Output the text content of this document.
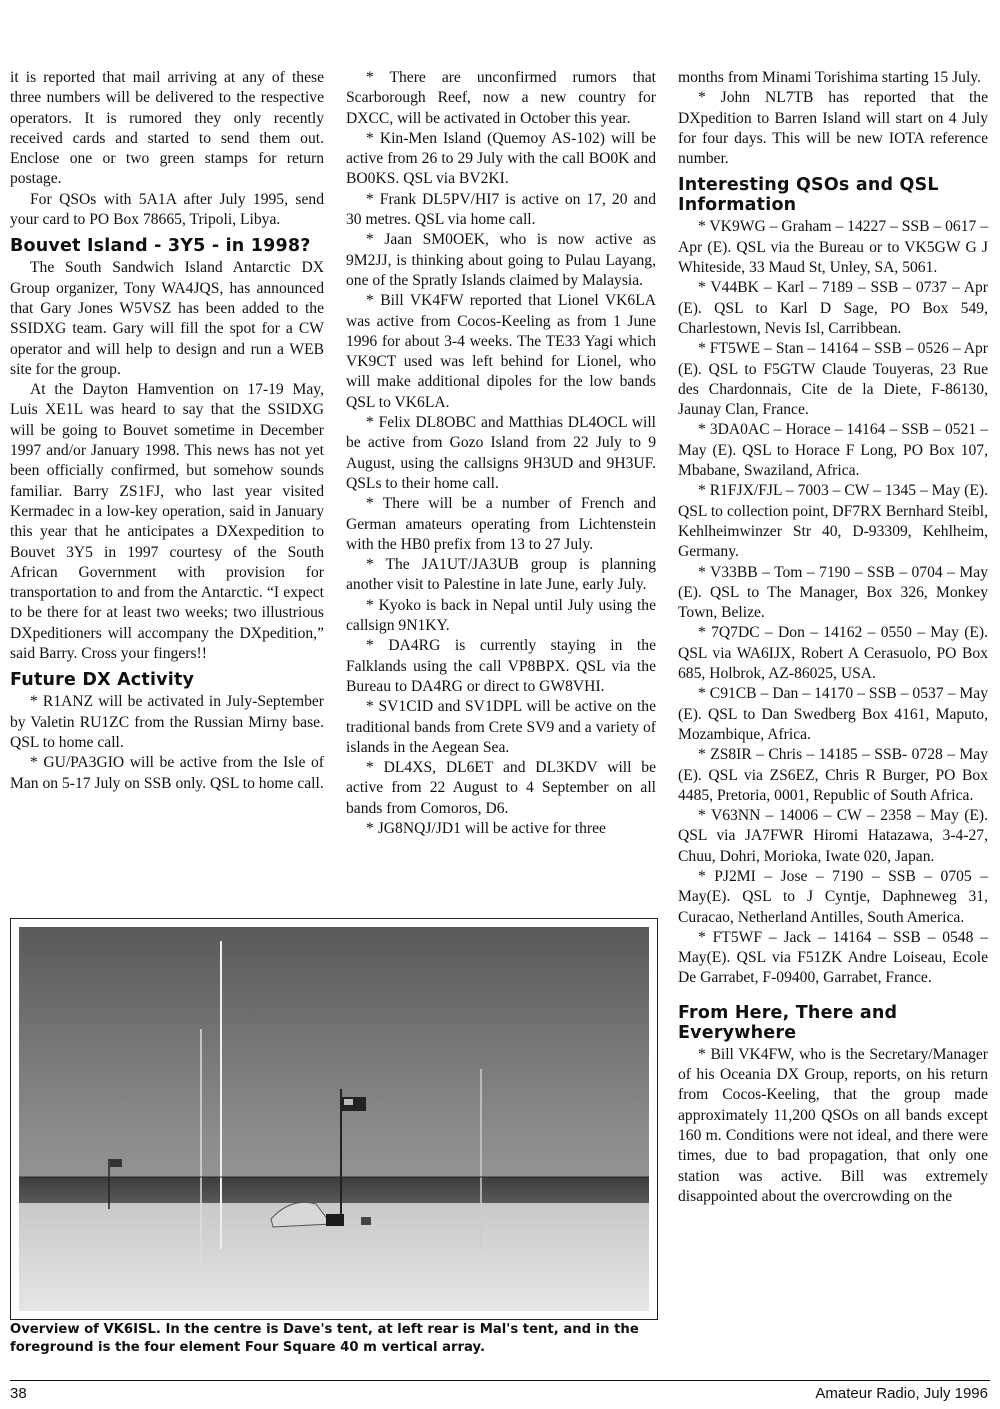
it is reported that mail arriving at any of these three numbers will be delivered to the respective operators. It is rumored they only recently received cards and started to send them out. Enclose one or two green stamps for return postage.

For QSOs with 5A1A after July 1995, send your card to PO Box 78665, Tripoli, Libya.

Bouvet Island - 3Y5 - in 1998?

The South Sandwich Island Antarctic DX Group organizer, Tony WA4JQS, has announced that Gary Jones W5VSZ has been added to the SSIDXG team. Gary will fill the spot for a CW operator and will help to design and run a WEB site for the group.

At the Dayton Hamvention on 17-19 May, Luis XE1L was heard to say that the SSIDXG will be going to Bouvet sometime in December 1997 and/or January 1998. This news has not yet been officially confirmed, but somehow sounds familiar. Barry ZS1FJ, who last year visited Kermadec in a low-key operation, said in January this year that he anticipates a DXexpedition to Bouvet 3Y5 in 1997 courtesy of the South African Government with provision for transportation to and from the Antarctic. “I expect to be there for at least two weeks; two illustrious DXpeditioners will accompany the DXpedition,” said Barry. Cross your fingers!!

Future DX Activity

* R1ANZ will be activated in July-September by Valetin RU1ZC from the Russian Mirny base. QSL to home call.

* GU/PA3GIO will be active from the Isle of Man on 5-17 July on SSB only. QSL to home call.

* There are unconfirmed rumors that Scarborough Reef, now a new country for DXCC, will be activated in October this year.

* Kin-Men Island (Quemoy AS-102) will be active from 26 to 29 July with the call BO0K and BO0KS. QSL via BV2KI.

* Frank DL5PV/HI7 is active on 17, 20 and 30 metres. QSL via home call.

* Jaan SM0OEK, who is now active as 9M2JJ, is thinking about going to Pulau Layang, one of the Spratly Islands claimed by Malaysia.

* Bill VK4FW reported that Lionel VK6LA was active from Cocos-Keeling as from 1 June 1996 for about 3-4 weeks. The TE33 Yagi which VK9CT used was left behind for Lionel, who will make additional dipoles for the low bands QSL to VK6LA.

* Felix DL8OBC and Matthias DL4OCL will be active from Gozo Island from 22 July to 9 August, using the callsigns 9H3UD and 9H3UF. QSLs to their home call.

* There will be a number of French and German amateurs operating from Lichtenstein with the HB0 prefix from 13 to 27 July.

* The JA1UT/JA3UB group is planning another visit to Palestine in late June, early July.

* Kyoko is back in Nepal until July using the callsign 9N1KY.

* DA4RG is currently staying in the Falklands using the call VP8BPX. QSL via the Bureau to DA4RG or direct to GW8VHI.

* SV1CID and SV1DPL will be active on the traditional bands from Crete SV9 and a variety of islands in the Aegean Sea.

* DL4XS, DL6ET and DL3KDV will be active from 22 August to 4 September on all bands from Comoros, D6.

* JG8NQJ/JD1 will be active for three

months from Minami Torishima starting 15 July.

* John NL7TB has reported that the DXpedition to Barren Island will start on 4 July for four days. This will be new IOTA reference number.

Interesting QSOs and QSL Information

* VK9WG – Graham – 14227 – SSB – 0617 – Apr (E). QSL via the Bureau or to VK5GW G J Whiteside, 33 Maud St, Unley, SA, 5061.

* V44BK – Karl – 7189 – SSB – 0737 – Apr (E). QSL to Karl D Sage, PO Box 549, Charlestown, Nevis Isl, Carribbean.

* FT5WE – Stan – 14164 – SSB – 0526 – Apr (E). QSL to F5GTW Claude Touyeras, 23 Rue des Chardonnais, Cite de la Diete, F-86130, Jaunay Clan, France.

* 3DA0AC – Horace – 14164 – SSB – 0521 – May (E). QSL to Horace F Long, PO Box 107, Mbabane, Swaziland, Africa.

* R1FJX/FJL – 7003 – CW – 1345 – May (E). QSL to collection point, DF7RX Bernhard Steibl, Kehlheimwinzer Str 40, D-93309, Kehlheim, Germany.

* V33BB – Tom – 7190 – SSB – 0704 – May (E). QSL to The Manager, Box 326, Monkey Town, Belize.

* 7Q7DC – Don – 14162 – 0550 – May (E). QSL via WA6IJX, Robert A Cerasuolo, PO Box 685, Holbrok, AZ-86025, USA.

* C91CB – Dan – 14170 – SSB – 0537 – May (E). QSL to Dan Swedberg Box 4161, Maputo, Mozambique, Africa.

* ZS8IR – Chris – 14185 – SSB- 0728 – May (E). QSL via ZS6EZ, Chris R Burger, PO Box 4485, Pretoria, 0001, Republic of South Africa.

* V63NN – 14006 – CW – 2358 – May (E). QSL via JA7FWR Hiromi Hatazawa, 3-4-27, Chuu, Dohri, Morioka, Iwate 020, Japan.

* PJ2MI – Jose – 7190 – SSB – 0705 – May(E). QSL to J Cyntje, Daphneweg 31, Curacao, Netherland Antilles, South America.

* FT5WF – Jack – 14164 – SSB – 0548 – May(E). QSL via F51ZK Andre Loiseau, Ecole De Garrabet, F-09400, Garrabet, France.

From Here, There and Everywhere

* Bill VK4FW, who is the Secretary/Manager of his Oceania DX Group, reports, on his return from Cocos-Keeling, that the group made approximately 11,200 QSOs on all bands except 160 m. Conditions were not ideal, and there were times, due to bad propagation, that only one station was active. Bill was extremely disappointed about the overcrowding on the

Overview of VK6ISL. In the centre is Dave's tent, at left rear is Mal's tent, and in the foreground is the four element Four Square 40 m vertical array.
38	Amateur Radio, July 1996
